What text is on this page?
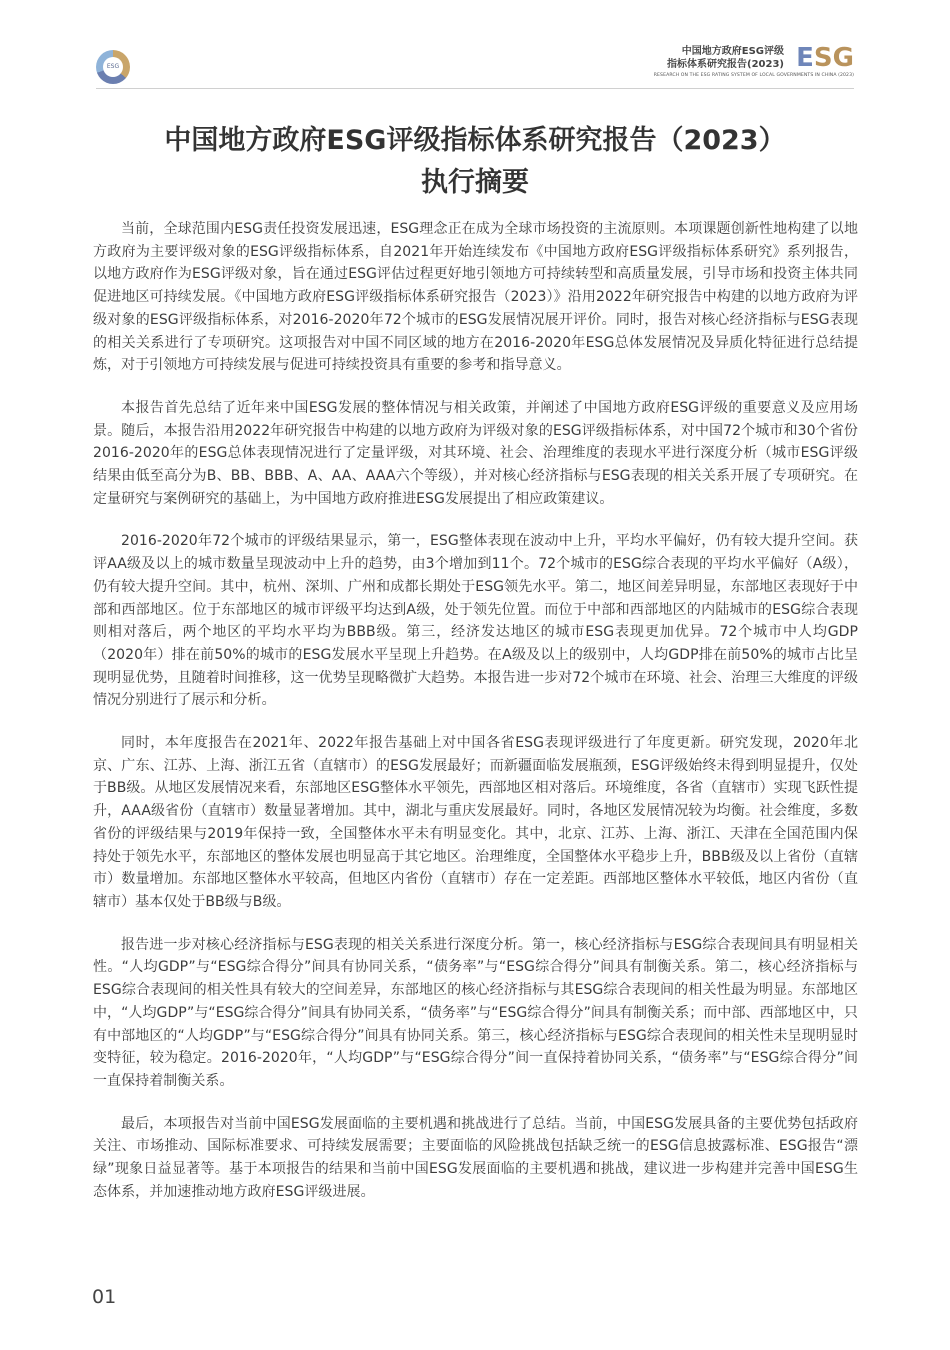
ESG
中国地方政府ESG评级
指标体系研究报告(2023) ESG
RESEARCH ON THE ESG RATING SYSTEM OF LOCAL GOVERNMENTS IN CHINA (2023)
中国地方政府ESG评级指标体系研究报告（2023）
执行摘要

当前，全球范围内ESG责任投资发展迅速，ESG理念正在成为全球市场投资的主流原则。本项课题创新性地构建了以地方政府为主要评级对象的ESG评级指标体系，自2021年开始连续发布《中国地方政府ESG评级指标体系研究》系列报告，以地方政府作为ESG评级对象，旨在通过ESG评估过程更好地引领地方可持续转型和高质量发展，引导市场和投资主体共同促进地区可持续发展。《中国地方政府ESG评级指标体系研究报告（2023）》沿用2022年研究报告中构建的以地方政府为评级对象的ESG评级指标体系，对2016-2020年72个城市的ESG发展情况展开评价。同时，报告对核心经济指标与ESG表现的相关关系进行了专项研究。这项报告对中国不同区域的地方在2016-2020年ESG总体发展情况及异质化特征进行总结提炼，对于引领地方可持续发展与促进可持续投资具有重要的参考和指导意义。

本报告首先总结了近年来中国ESG发展的整体情况与相关政策，并阐述了中国地方政府ESG评级的重要意义及应用场景。随后，本报告沿用2022年研究报告中构建的以地方政府为评级对象的ESG评级指标体系，对中国72个城市和30个省份2016-2020年的ESG总体表现情况进行了定量评级，对其环境、社会、治理维度的表现水平进行深度分析（城市ESG评级结果由低至高分为B、BB、BBB、A、AA、AAA六个等级），并对核心经济指标与ESG表现的相关关系开展了专项研究。在定量研究与案例研究的基础上，为中国地方政府推进ESG发展提出了相应政策建议。

2016-2020年72个城市的评级结果显示，第一，ESG整体表现在波动中上升，平均水平偏好，仍有较大提升空间。获评AA级及以上的城市数量呈现波动中上升的趋势，由3个增加到11个。72个城市的ESG综合表现的平均水平偏好（A级），仍有较大提升空间。其中，杭州、深圳、广州和成都长期处于ESG领先水平。第二，地区间差异明显，东部地区表现好于中部和西部地区。位于东部地区的城市评级平均达到A级，处于领先位置。而位于中部和西部地区的内陆城市的ESG综合表现则相对落后，两个地区的平均水平均为BBB级。第三，经济发达地区的城市ESG表现更加优异。72个城市中人均GDP（2020年）排在前50%的城市的ESG发展水平呈现上升趋势。在A级及以上的级别中，人均GDP排在前50%的城市占比呈现明显优势，且随着时间推移，这一优势呈现略微扩大趋势。本报告进一步对72个城市在环境、社会、治理三大维度的评级情况分别进行了展示和分析。

同时，本年度报告在2021年、2022年报告基础上对中国各省ESG表现评级进行了年度更新。研究发现，2020年北京、广东、江苏、上海、浙江五省（直辖市）的ESG发展最好；而新疆面临发展瓶颈，ESG评级始终未得到明显提升，仅处于BB级。从地区发展情况来看，东部地区ESG整体水平领先，西部地区相对落后。环境维度，各省（直辖市）实现飞跃性提升，AAA级省份（直辖市）数量显著增加。其中，湖北与重庆发展最好。同时，各地区发展情况较为均衡。社会维度，多数省份的评级结果与2019年保持一致，全国整体水平未有明显变化。其中，北京、江苏、上海、浙江、天津在全国范围内保持处于领先水平，东部地区的整体发展也明显高于其它地区。治理维度，全国整体水平稳步上升，BBB级及以上省份（直辖市）数量增加。东部地区整体水平较高，但地区内省份（直辖市）存在一定差距。西部地区整体水平较低，地区内省份（直辖市）基本仅处于BB级与B级。

报告进一步对核心经济指标与ESG表现的相关关系进行深度分析。第一，核心经济指标与ESG综合表现间具有明显相关性。“人均GDP”与“ESG综合得分”间具有协同关系，“债务率”与“ESG综合得分”间具有制衡关系。第二，核心经济指标与ESG综合表现间的相关性具有较大的空间差异，东部地区的核心经济指标与其ESG综合表现间的相关性最为明显。东部地区中，“人均GDP”与“ESG综合得分”间具有协同关系，“债务率”与“ESG综合得分”间具有制衡关系；而中部、西部地区中，只有中部地区的“人均GDP”与“ESG综合得分”间具有协同关系。第三，核心经济指标与ESG综合表现间的相关性未呈现明显时变特征，较为稳定。2016-2020年，“人均GDP”与“ESG综合得分”间一直保持着协同关系，“债务率”与“ESG综合得分”间一直保持着制衡关系。

最后，本项报告对当前中国ESG发展面临的主要机遇和挑战进行了总结。当前，中国ESG发展具备的主要优势包括政府关注、市场推动、国际标准要求、可持续发展需要；主要面临的风险挑战包括缺乏统一的ESG信息披露标准、ESG报告“漂绿”现象日益显著等。基于本项报告的结果和当前中国ESG发展面临的主要机遇和挑战，建议进一步构建并完善中国ESG生态体系，并加速推动地方政府ESG评级进展。

01
